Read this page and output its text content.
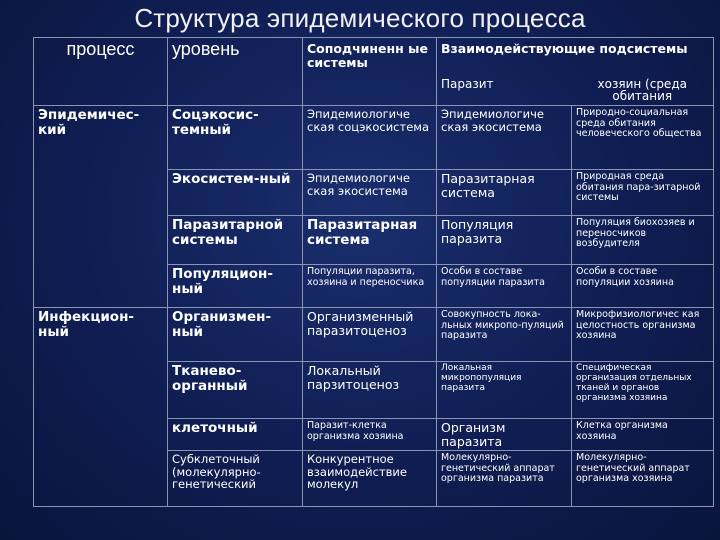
Структура эпидемического процесса
процесс	уровень	Соподчиненн ые системы	Взаимодействующие подсистемы	
			Паразит	хозяин (среда обитания
Эпидемичес-кий	Соцэкосис-темный	Эпидемиологиче ская соцэкосистема	Эпидемиологиче ская экосистема	Природно-социальная среда обитания человеческого общества
	Экосистем-ный	Эпидемиологиче ская экосистема	Паразитарная система	Природная среда обитания пара-зитарной системы
	Паразитарной системы	Паразитарная система	Популяция паразита	Популяция биохозяев и переносчиков возбудителя
	Популяцион-ный	Популяции паразита, хозяина и переносчика	Особи в составе популяции паразита	Особи в составе популяции хозяина
Инфекцион-ный	Организмен-ный	Организменный паразитоценоз	Совокупность лока-льных микропо-пуляций паразита	Микрофизиологичес кая целостность организма хозяина
	Тканево-органный	Локальный парзитоценоз	Локальная микропопуляция паразита	Специфическая организация отдельных тканей и органов организма хозяина
	клеточный	Паразит-клетка организма хозяина	Организм паразита	Клетка организма хозяина
	Субклеточный (молекулярно-генетический	Конкурентное взаимодействие молекул	Молекулярно-генетический аппарат организма паразита	Молекулярно-генетический аппарат организма хозяина
